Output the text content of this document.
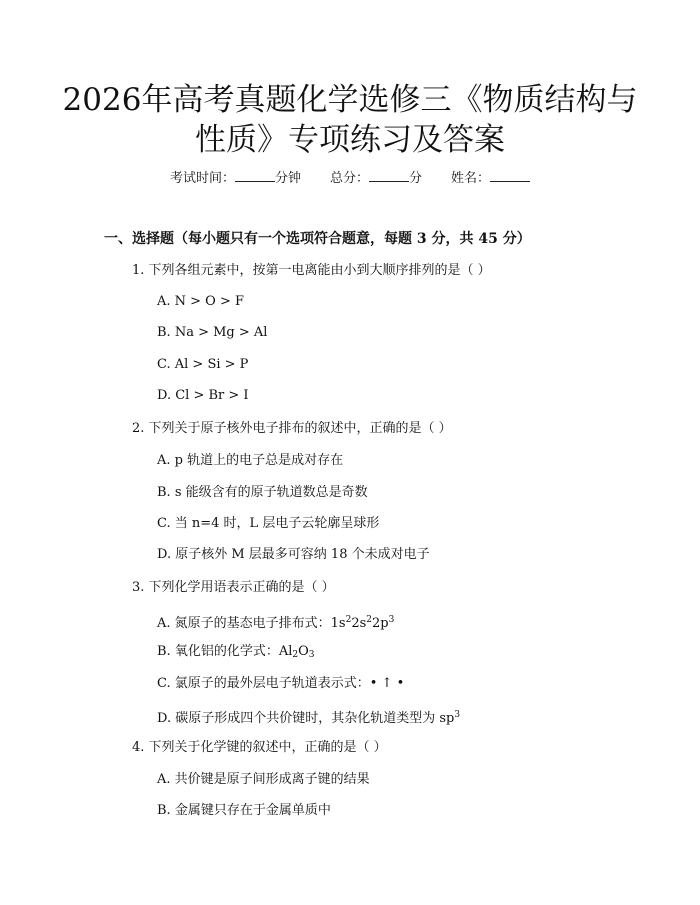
2026年高考真题化学选修三《物质结构与性质》专项练习及答案
考试时间：	分钟 总分：	分 姓名：
一、选择题（每小题只有一个选项符合题意，每题 3 分，共 45 分）
1. 下列各组元素中，按第一电离能由小到大顺序排列的是（ ）
A. N > O > F
B. Na > Mg > Al
C. Al > Si > P
D. Cl > Br > I
2. 下列关于原子核外电子排布的叙述中，正确的是（ ）
A. p 轨道上的电子总是成对存在
B. s 能级含有的原子轨道数总是奇数
C. 当 n=4 时，L 层电子云轮廓呈球形
D. 原子核外 M 层最多可容纳 18 个未成对电子
3. 下列化学用语表示正确的是（ ）
A. 氮原子的基态电子排布式：$1s^22s^22p^3$
B. 氧化铝的化学式：$Al_2O_3$
C. 氯原子的最外层电子轨道表示式：• ↑ •
D. 碳原子形成四个共价键时，其杂化轨道类型为 $sp^3$
4. 下列关于化学键的叙述中，正确的是（ ）
A. 共价键是原子间形成离子键的结果
B. 金属键只存在于金属单质中
